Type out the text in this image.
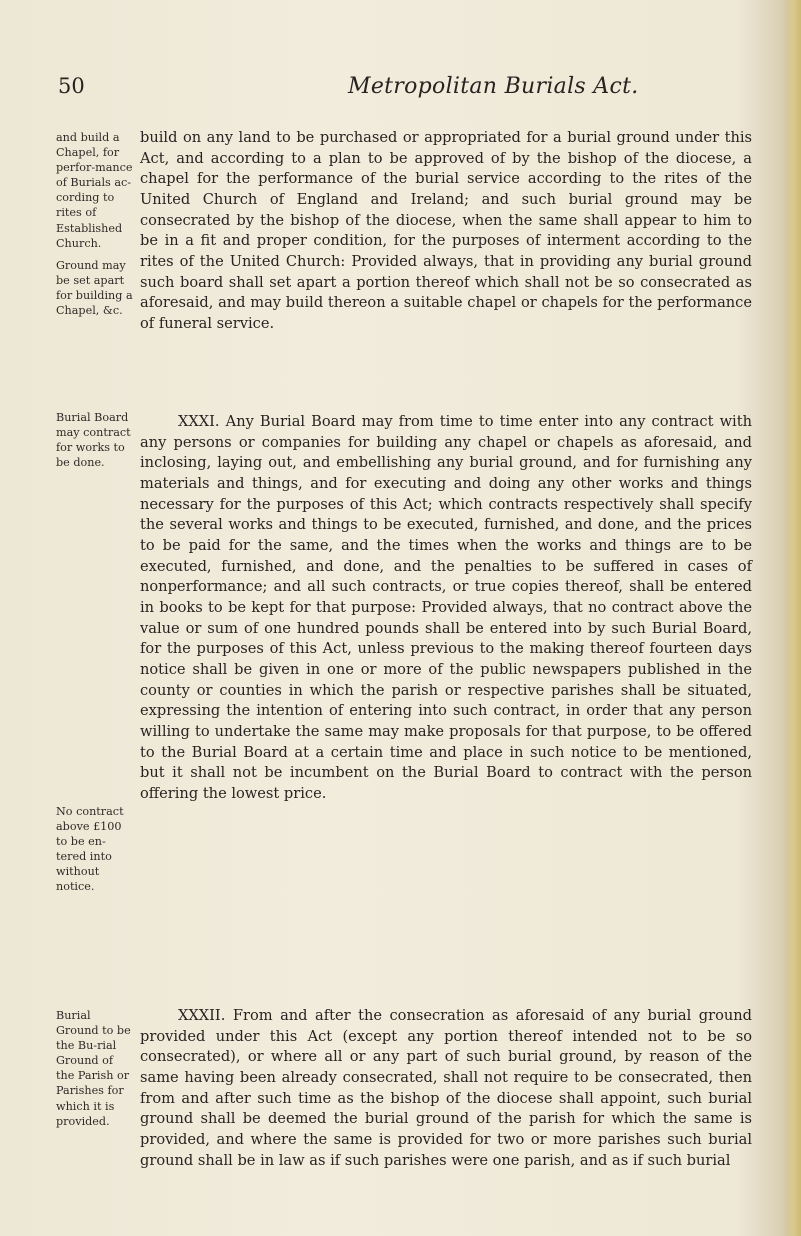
50	Metropolitan Burials Act.
and build a Chapel, for perfor-mance of Burials ac-cording to rites of Established Church.
Ground may be set apart for building a Chapel, &c.
Burial Board may contract for works to be done.
No contract above £100 to be en-tered into without notice.
Burial Ground to be the Bu-rial Ground of the Parish or Parishes for which it is provided.
build on any land to be purchased or appropriated for a burial ground under this Act, and according to a plan to be approved of by the bishop of the diocese, a chapel for the performance of the burial service according to the rites of the United Church of England and Ireland; and such burial ground may be consecrated by the bishop of the diocese, when the same shall appear to him to be in a fit and proper condition, for the purposes of interment according to the rites of the United Church: Provided always, that in providing any burial ground such board shall set apart a portion thereof which shall not be so consecrated as aforesaid, and may build thereon a suitable chapel or chapels for the performance of funeral service.
XXXI. Any Burial Board may from time to time enter into any contract with any persons or companies for building any chapel or chapels as aforesaid, and inclosing, laying out, and embellishing any burial ground, and for furnishing any materials and things, and for executing and doing any other works and things necessary for the purposes of this Act; which contracts respectively shall specify the several works and things to be executed, furnished, and done, and the prices to be paid for the same, and the times when the works and things are to be executed, furnished, and done, and the penalties to be suffered in cases of nonperformance; and all such contracts, or true copies thereof, shall be entered in books to be kept for that purpose: Provided always, that no contract above the value or sum of one hundred pounds shall be entered into by such Burial Board, for the purposes of this Act, unless previous to the making thereof fourteen days notice shall be given in one or more of the public newspapers published in the county or counties in which the parish or respective parishes shall be situated, expressing the intention of entering into such contract, in order that any person willing to undertake the same may make proposals for that purpose, to be offered to the Burial Board at a certain time and place in such notice to be mentioned, but it shall not be incumbent on the Burial Board to contract with the person offering the lowest price.
XXXII. From and after the consecration as aforesaid of any burial ground provided under this Act (except any portion thereof intended not to be so consecrated), or where all or any part of such burial ground, by reason of the same having been already consecrated, shall not require to be consecrated, then from and after such time as the bishop of the diocese shall appoint, such burial ground shall be deemed the burial ground of the parish for which the same is provided, and where the same is provided for two or more parishes such burial ground shall be in law as if such parishes were one parish, and as if such burial
